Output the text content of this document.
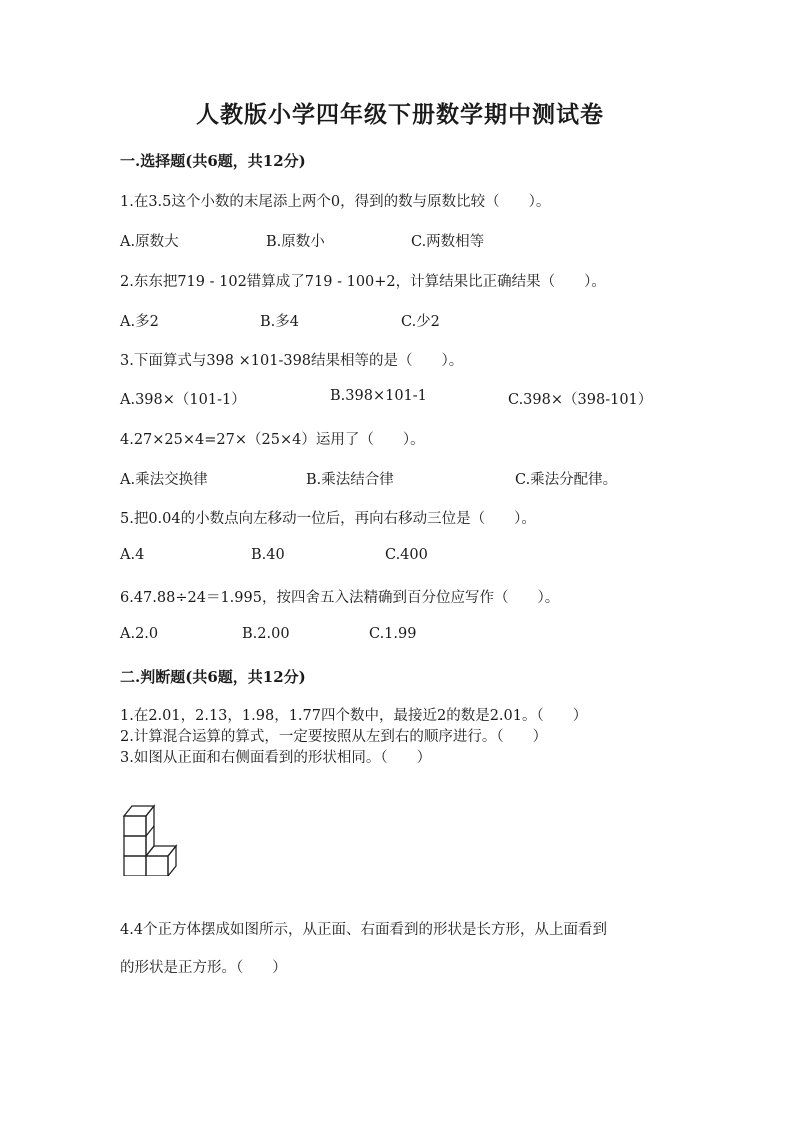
人教版小学四年级下册数学期中测试卷
一.选择题(共6题，共12分)
1.在3.5这个小数的末尾添上两个0，得到的数与原数比较（　　）。
A.原数大	B.原数小	C.两数相等
2.东东把719 - 102错算成了719 - 100+2，计算结果比正确结果（　　）。
A.多2	B.多4	C.少2
3.下面算式与398 ×101-398结果相等的是（　　）。
A.398×（101-1）	B.398×101-1	C.398×（398-101）
4.27×25×4=27×（25×4）运用了（　　）。
A.乘法交换律	B.乘法结合律	C.乘法分配律。
5.把0.04的小数点向左移动一位后，再向右移动三位是（　　）。
A.4	B.40	C.400
6.47.88÷24＝1.995，按四舍五入法精确到百分位应写作（　　）。
A.2.0	B.2.00	C.1.99
二.判断题(共6题，共12分)
1.在2.01，2.13，1.98，1.77四个数中，最接近2的数是2.01。（　　）
2.计算混合运算的算式，一定要按照从左到右的顺序进行。（　　）
3.如图从正面和右侧面看到的形状相同。（　　）
4.4个正方体摆成如图所示，从正面、右面看到的形状是长方形，从上面看到
的形状是正方形。（　　）
